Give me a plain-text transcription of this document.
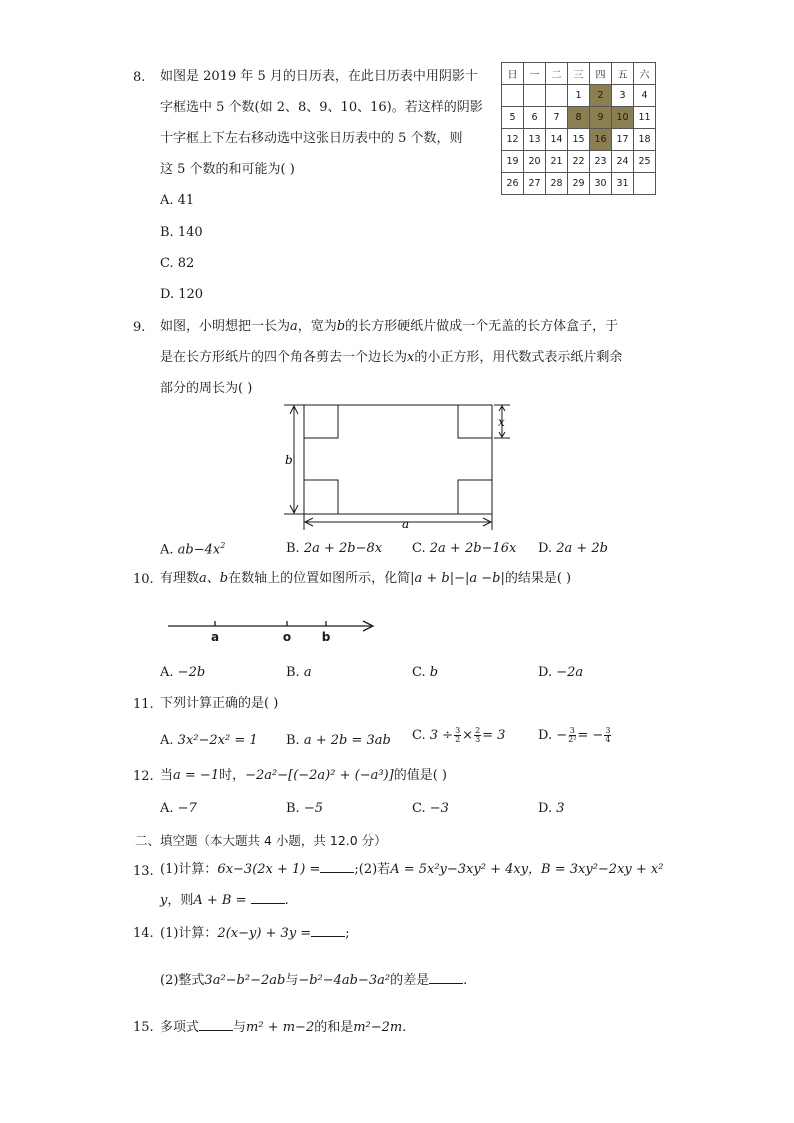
日	一	二	三	四	五	六
			1	2	3	4
5	6	7	8	9	10	11
12	13	14	15	16	17	18
19	20	21	22	23	24	25
26	27	28	29	30	31	
8. 如图是 2019 年 5 月的日历表，在此日历表中用阴影十
字框选中 5 个数(如 2、8、9、10、16)。若这样的阴影
十字框上下左右移动选中这张日历表中的 5 个数，则
这 5 个数的和可能为( )
A. 41
B. 140
C. 82
D. 120
9. 如图，小明想把一长为a，宽为b的长方形硬纸片做成一个无盖的长方体盒子，于
是在长方形纸片的四个角各剪去一个边长为x的小正方形，用代数式表示纸片剩余
部分的周长为( )
b
a
x
A. $ab-4x^2$	B. 2a + 2b−8x C. 2a + 2b−16x D. 2a + 2b
10. 有理数a、b在数轴上的位置如图所示，化简|a + b|−|a −b|的结果是( )
a	o	b
A. −2b	B. a	C. b	D. −2a
11. 下列计算正确的是( )
A. 3x²−2x² = 1 B. a + 2b = 3ab C. $3 \div \frac{3}{2} \times \frac{2}{3} = 3$	D. − $\frac{3}{\text{2²}}$ = − $\frac{3}{4}$
12. 当a = −1时，−2a²−[(−2a)² + (−a³)]的值是( )
A. −7	B. −5	C. −3	D. 3
二、填空题（本大题共 4 小题，共 12.0 分）
13. (1)计算：6x−3(2x + 1) =	;(2)若A = 5x²y−3xy² + 4xy，B = 3xy²−2xy + x²
y，则A + B =	.
14. (1)计算：2(x−y) + 3y =	;
(2)整式3a²−b²−2ab与−b²−4ab−3a²的差是	.
15. 多项式	与m² + m−2的和是m²−2m.
